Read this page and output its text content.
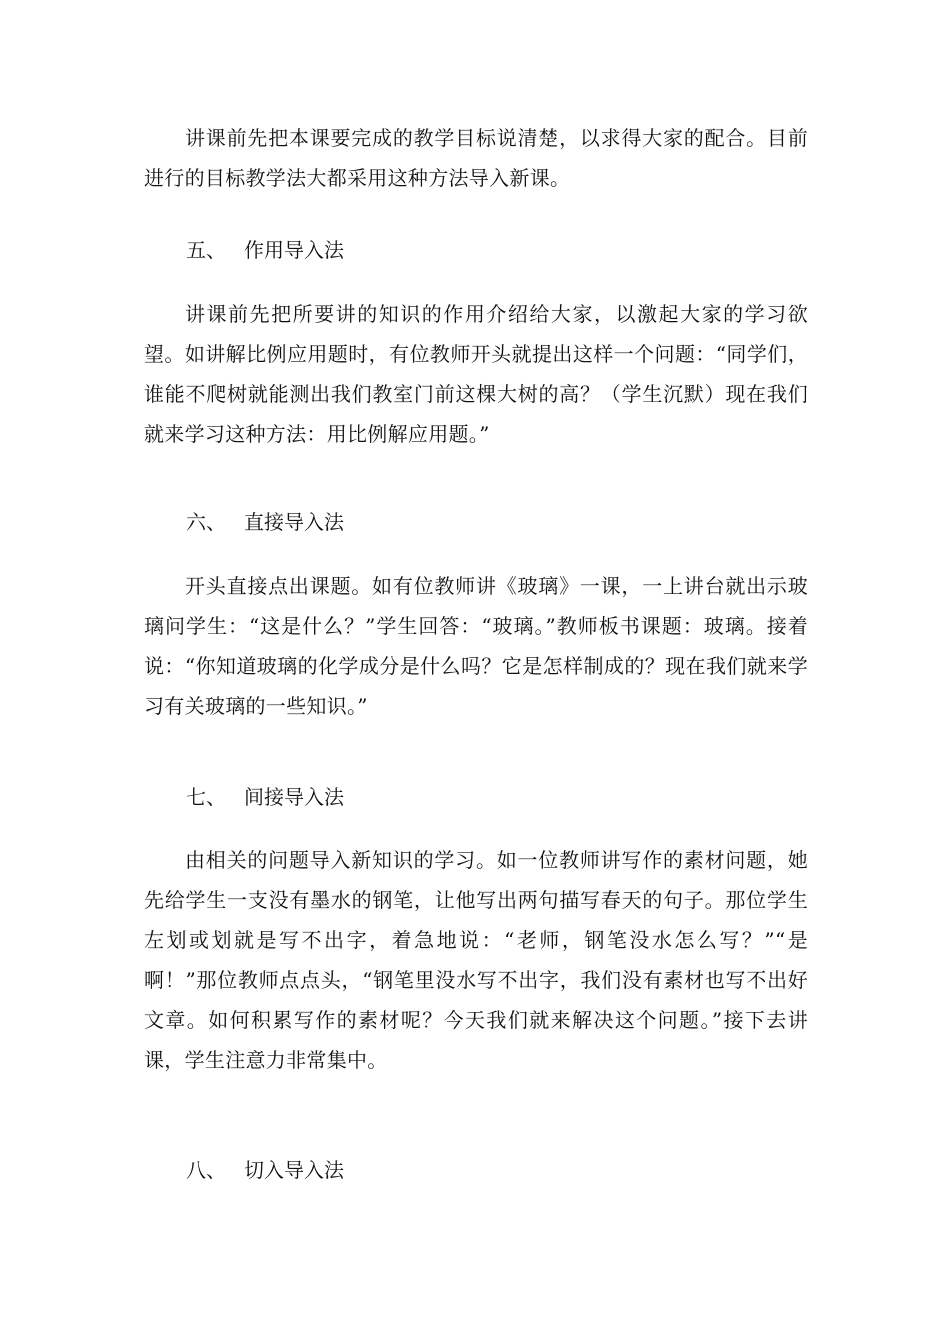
讲课前先把本课要完成的教学目标说清楚，以求得大家的配合。目前进行的目标教学法大都采用这种方法导入新课。

五、 作用导入法

讲课前先把所要讲的知识的作用介绍给大家，以激起大家的学习欲望。如讲解比例应用题时，有位教师开头就提出这样一个问题：“同学们，谁能不爬树就能测出我们教室门前这棵大树的高？（学生沉默）现在我们就来学习这种方法：用比例解应用题。”

六、 直接导入法

开头直接点出课题。如有位教师讲《玻璃》一课，一上讲台就出示玻璃问学生：“这是什么？”学生回答：“玻璃。”教师板书课题：玻璃。接着说：“你知道玻璃的化学成分是什么吗？它是怎样制成的？现在我们就来学习有关玻璃的一些知识。”

七、 间接导入法

由相关的问题导入新知识的学习。如一位教师讲写作的素材问题，她先给学生一支没有墨水的钢笔，让他写出两句描写春天的句子。那位学生左划或划就是写不出字，着急地说：“老师，钢笔没水怎么写？”“是啊！”那位教师点点头，“钢笔里没水写不出字，我们没有素材也写不出好文章。如何积累写作的素材呢？今天我们就来解决这个问题。”接下去讲课，学生注意力非常集中。

八、 切入导入法
